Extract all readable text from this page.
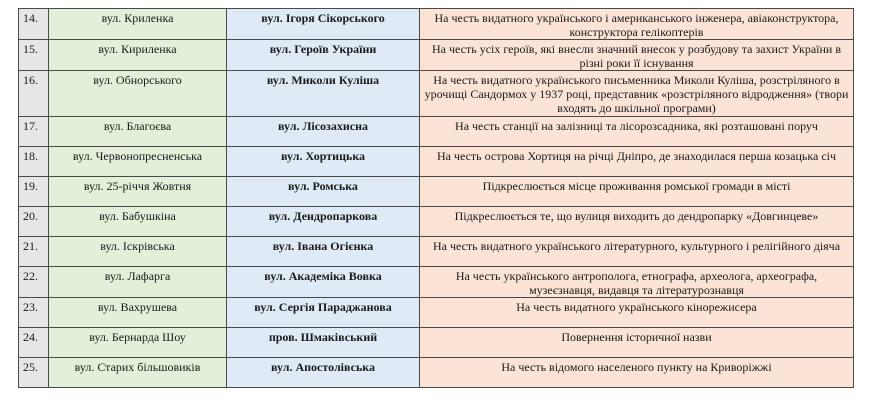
14.	вул. Криленка	вул. Ігоря Сікорського	На честь видатного українського і американського інженера, авіаконструктора, конструктора гелікоптерів
15.	вул. Кириленка	вул. Героїв України	На честь усіх героїв, які внесли значний внесок у розбудову та захист України в різні роки її існування
16.	вул. Обнорського	вул. Миколи Куліша	На честь видатного українського письменника Миколи Куліша, розстріляного в урочищі Сандормох у 1937 році, представник «розстріляного відродження» (твори входять до шкільної програми)
17.	вул. Благоєва	вул. Лісозахисна	На честь станції на залізниці та лісорозсадника, які розташовані поруч
18.	вул. Червонопресненська	вул. Хортицька	На честь острова Хортиця на річці Дніпро, де знаходилася перша козацька січ
19.	вул. 25-річчя Жовтня	вул. Ромська	Підкреслюється місце проживання ромської громади в місті
20.	вул. Бабушкіна	вул. Дендропаркова	Підкреслюється те, що вулиця виходить до дендропарку «Довгинцеве»
21.	вул. Іскрівська	вул. Івана Огієнка	На честь видатного українського літературного, культурного і релігійного діяча
22.	вул. Лафарга	вул. Академіка Вовка	На честь українського антрополога, етнографа, археолога, археографа, музеєзнавця, видавця та літературознавця
23.	вул. Вахрушева	вул. Сергія Параджанова	На честь видатного українського кінорежисера
24.	вул. Бернарда Шоу	пров. Шмаківський	Повернення історичної назви
25.	вул. Старих більшовиків	вул. Апостолівська	На честь відомого населеного пункту на Криворіжжі
